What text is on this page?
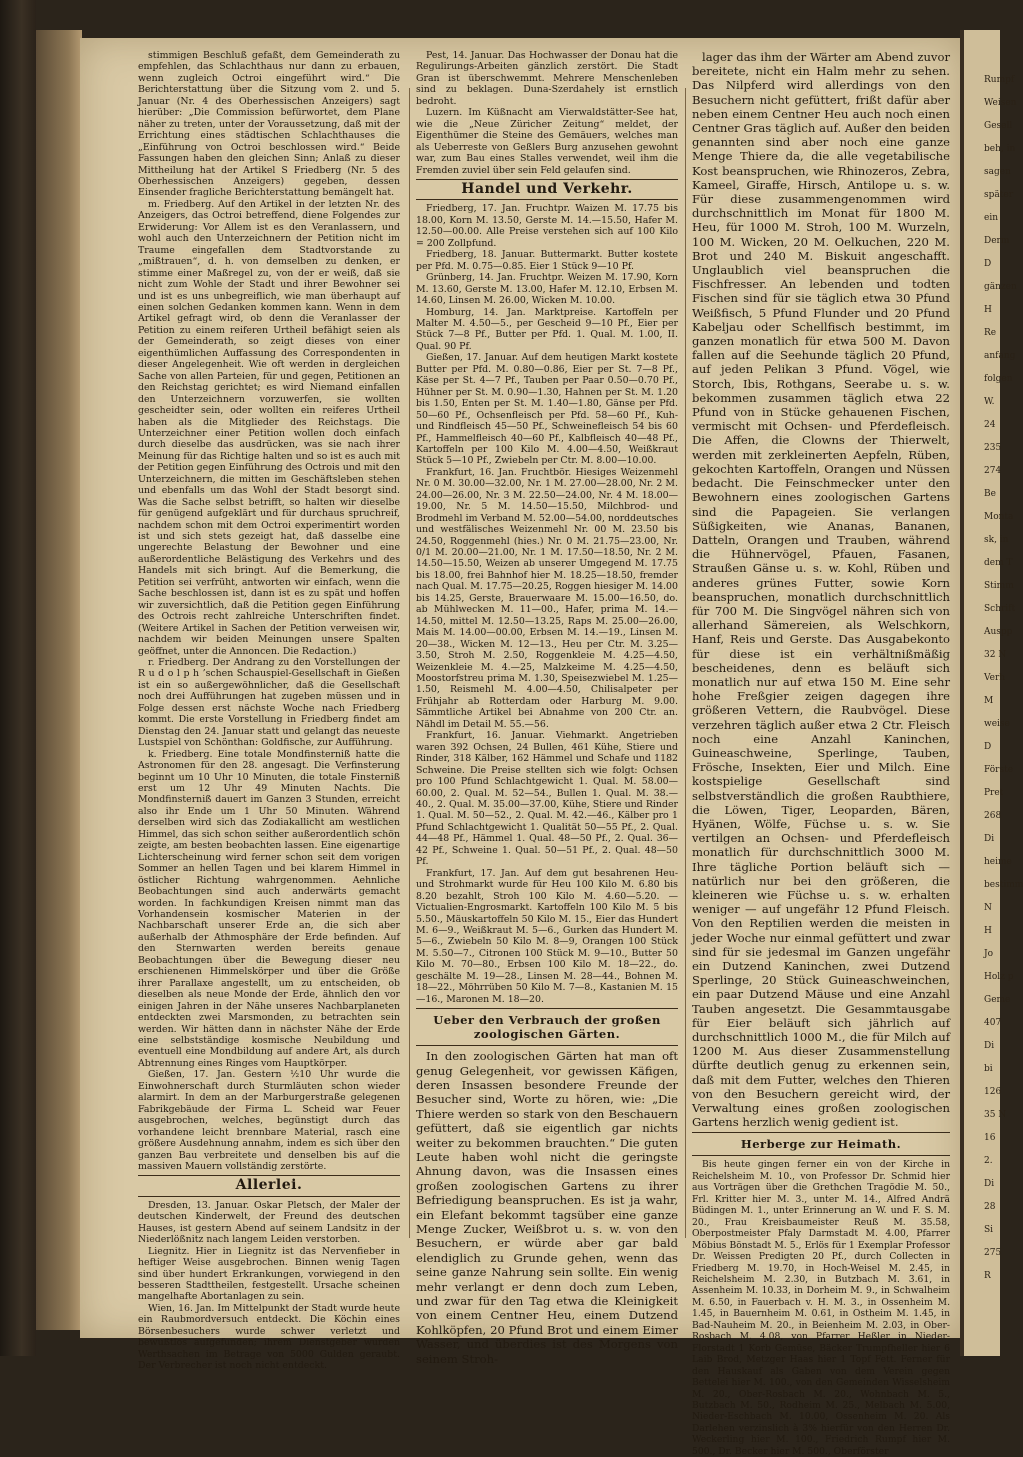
stimmigen Beschluß gefaßt, dem Gemeinderath zu empfehlen, das Schlachthaus nur dann zu erbauen, wenn zugleich Octroi eingeführt wird.“ Die Berichterstattung über die Sitzung vom 2. und 5. Januar (Nr. 4 des Oberhessischen Anzeigers) sagt hierüber: „Die Commission befürwortet, dem Plane näher zu treten, unter der Voraussetzung, daß mit der Errichtung eines städtischen Schlachthauses die „Einführung von Octroi beschlossen wird.“ Beide Fassungen haben den gleichen Sinn; Anlaß zu dieser Mittheilung hat der Artikel S Friedberg (Nr. 5 des Oberhessischen Anzeigers) gegeben, dessen Einsender fragliche Berichterstattung bemängelt hat.

m. Friedberg. Auf den Artikel in der letzten Nr. des Anzeigers, das Octroi betreffend, diene Folgendes zur Erwiderung: Vor Allem ist es den Veranlassern, und wohl auch den Unterzeichnern der Petition nicht im Traume eingefallen dem Stadtvorstande zu „mißtrauen“, d. h. von demselben zu denken, er stimme einer Maßregel zu, von der er weiß, daß sie nicht zum Wohle der Stadt und ihrer Bewohner sei und ist es uns unbegreiflich, wie man überhaupt auf einen solchen Gedanken kommen kann. Wenn in dem Artikel gefragt wird, ob denn die Veranlasser der Petition zu einem reiferen Urtheil befähigt seien als der Gemeinderath, so zeigt dieses von einer eigenthümlichen Auffassung des Correspondenten in dieser Angelegenheit. Wie oft werden in dergleichen Sache von allen Parteien, für und gegen, Petitionen an den Reichstag gerichtet; es wird Niemand einfallen den Unterzeichnern vorzuwerfen, sie wollten gescheidter sein, oder wollten ein reiferes Urtheil haben als die Mitglieder des Reichstags. Die Unterzeichner einer Petition wollen doch einfach durch dieselbe das ausdrücken, was sie nach ihrer Meinung für das Richtige halten und so ist es auch mit der Petition gegen Einführung des Octrois und mit den Unterzeichnern, die mitten im Geschäftsleben stehen und ebenfalls um das Wohl der Stadt besorgt sind. Was die Sache selbst betrifft, so halten wir dieselbe für genügend aufgeklärt und für durchaus spruchreif, nachdem schon mit dem Octroi experimentirt worden ist und sich stets gezeigt hat, daß dasselbe eine ungerechte Belastung der Bewohner und eine außerordentliche Belästigung des Verkehrs und des Handels mit sich bringt. Auf die Bemerkung, die Petition sei verfrüht, antworten wir einfach, wenn die Sache beschlossen ist, dann ist es zu spät und hoffen wir zuversichtlich, daß die Petition gegen Einführung des Octrois recht zahlreiche Unterschriften findet. (Weitere Artikel in Sachen der Petition verweisen wir, nachdem wir beiden Meinungen unsere Spalten geöffnet, unter die Annoncen. Die Redaction.)

r. Friedberg. Der Andrang zu den Vorstellungen der R u d o l p h ’schen Schauspiel-Gesellschaft in Gießen ist ein so außergewöhnlicher, daß die Gesellschaft noch drei Aufführungen hat zugeben müssen und in Folge dessen erst nächste Woche nach Friedberg kommt. Die erste Vorstellung in Friedberg findet am Dienstag den 24. Januar statt und gelangt das neueste Lustspiel von Schönthan: Goldfische, zur Aufführung.

k. Friedberg. Eine totale Mondfinsterniß hatte die Astronomen für den 28. angesagt. Die Verfinsterung beginnt um 10 Uhr 10 Minuten, die totale Finsterniß erst um 12 Uhr 49 Minuten Nachts. Die Mondfinsterniß dauert im Ganzen 3 Stunden, erreicht also ihr Ende um 1 Uhr 50 Minuten. Während derselben wird sich das Zodiakallicht am westlichen Himmel, das sich schon seither außerordentlich schön zeigte, am besten beobachten lassen. Eine eigenartige Lichterscheinung wird ferner schon seit dem vorigen Sommer an hellen Tagen und bei klarem Himmel in östlicher Richtung wahrgenommen. Aehnliche Beobachtungen sind auch anderwärts gemacht worden. In fachkundigen Kreisen nimmt man das Vorhandensein kosmischer Materien in der Nachbarschaft unserer Erde an, die sich aber außerhalb der Athmosphäre der Erde befinden. Auf den Sternwarten werden bereits genaue Beobachtungen über die Bewegung dieser neu erschienenen Himmelskörper und über die Größe ihrer Parallaxe angestellt, um zu entscheiden, ob dieselben als neue Monde der Erde, ähnlich den vor einigen Jahren in der Nähe unseres Nachbarplaneten entdeckten zwei Marsmonden, zu betrachten sein werden. Wir hätten dann in nächster Nähe der Erde eine selbstständige kosmische Neubildung und eventuell eine Mondbildung auf andere Art, als durch Abtrennung eines Ringes vom Hauptkörper.

Gießen, 17. Jan. Gestern ½10 Uhr wurde die Einwohnerschaft durch Sturmläuten schon wieder alarmirt. In dem an der Marburgerstraße gelegenen Fabrikgebäude der Firma L. Scheid war Feuer ausgebrochen, welches, begünstigt durch das vorhandene leicht brennbare Material, rasch eine größere Ausdehnung annahm, indem es sich über den ganzen Bau verbreitete und denselben bis auf die massiven Mauern vollständig zerstörte.

Allerlei.

Dresden, 13. Januar. Oskar Pletsch, der Maler der deutschen Kinderwelt, der Freund des deutschen Hauses, ist gestern Abend auf seinem Landsitz in der Niederlößnitz nach langem Leiden verstorben.

Liegnitz. Hier in Liegnitz ist das Nervenfieber in heftiger Weise ausgebrochen. Binnen wenig Tagen sind über hundert Erkrankungen, vorwiegend in den besseren Stadttheilen, festgestellt. Ursache scheinen mangelhafte Abortanlagen zu sein.

Wien, 16. Jan. Im Mittelpunkt der Stadt wurde heute ein Raubmordversuch entdeckt. Die Köchin eines Börsenbesuchers wurde schwer verletzt und bewußtlos aufgefunden; ihrem Dienstgeber wurden Werthsachen im Betrage von 5000 Gulden geraubt. Der Verbrecher ist noch nicht entdeckt.

Pest, 14. Januar. Das Hochwasser der Donau hat die Regulirungs-Arbeiten gänzlich zerstört. Die Stadt Gran ist überschwemmt. Mehrere Menschenleben sind zu beklagen. Duna-Szerdahely ist ernstlich bedroht.

Luzern. Im Küßnacht am Vierwaldstätter-See hat, wie die „Neue Züricher Zeitung“ meldet, der Eigenthümer die Steine des Gemäuers, welches man als Ueberreste von Geßlers Burg anzusehen gewohnt war, zum Bau eines Stalles verwendet, weil ihm die Fremden zuviel über sein Feld gelaufen sind.

Handel und Verkehr.

Friedberg, 17. Jan. Fruchtpr. Waizen M. 17.75 bis 18.00, Korn M. 13.50, Gerste M. 14.—15.50, Hafer M. 12.50—00.00. Alle Preise verstehen sich auf 100 Kilo = 200 Zollpfund.

Friedberg, 18. Januar. Buttermarkt. Butter kostete per Pfd. M. 0.75—0.85. Eier 1 Stück 9—10 Pf.

Grünberg, 14. Jan. Fruchtpr. Weizen M. 17.90, Korn M. 13.60, Gerste M. 13.00, Hafer M. 12.10, Erbsen M. 14.60, Linsen M. 26.00, Wicken M. 10.00.

Homburg, 14. Jan. Marktpreise. Kartoffeln per Malter M. 4.50—5., per Gescheid 9—10 Pf., Eier per Stück 7—8 Pf., Butter per Pfd. 1. Qual. M. 1.00, II. Qual. 90 Pf.

Gießen, 17. Januar. Auf dem heutigen Markt kostete Butter per Pfd. M. 0.80—0.86, Eier per St. 7—8 Pf., Käse per St. 4—7 Pf., Tauben per Paar 0.50—0.70 Pf., Hühner per St. M. 0.90—1.30, Hahnen per St. M. 1.20 bis 1.50, Enten per St. M. 1.40—1.80, Gänse per Pfd. 50—60 Pf., Ochsenfleisch per Pfd. 58—60 Pf., Kuh- und Rindfleisch 45—50 Pf., Schweinefleisch 54 bis 60 Pf., Hammelfleisch 40—60 Pf., Kalbfleisch 40—48 Pf., Kartoffeln per 100 Kilo M. 4.00—4.50, Weißkraut Stück 5—10 Pf., Zwiebeln per Ctr. M. 8.00—10.00.

Frankfurt, 16. Jan. Fruchtbör. Hiesiges Weizenmehl Nr. 0 M. 30.00—32.00, Nr. 1 M. 27.00—28.00, Nr. 2 M. 24.00—26.00, Nr. 3 M. 22.50—24.00, Nr. 4 M. 18.00—19.00, Nr. 5 M. 14.50—15.50, Milchbrod- und Brodmehl im Verband M. 52.00—54.00, norddeutsches und westfälisches Weizenmehl Nr. 00 M. 23.50 bis 24.50, Roggenmehl (hies.) Nr. 0 M. 21.75—23.00, Nr. 0/1 M. 20.00—21.00, Nr. 1 M. 17.50—18.50, Nr. 2 M. 14.50—15.50, Weizen ab unserer Umgegend M. 17.75 bis 18.00, frei Bahnhof hier M. 18.25—18.50, fremder nach Qual. M. 17.75—20.25, Roggen hiesiger M. 14.00 bis 14.25, Gerste, Brauerwaare M. 15.00—16.50, do. ab Mühlwecken M. 11—00., Hafer, prima M. 14.—14.50, mittel M. 12.50—13.25, Raps M. 25.00—26.00, Mais M. 14.00—00.00, Erbsen M. 14.—19., Linsen M. 20—38., Wicken M. 12—13., Heu per Ctr. M. 3.25—3.50, Stroh M. 2.50, Roggenkleie M. 4.25—4.50, Weizenkleie M. 4.—25, Malzkeime M. 4.25—4.50, Moostorfstreu prima M. 1.30, Speisezwiebel M. 1.25—1.50, Reismehl M. 4.00—4.50, Chilisalpeter per Frühjahr ab Rotterdam oder Harburg M. 9.00. Sämmtliche Artikel bei Abnahme von 200 Ctr. an. Nähdl im Detail M. 55.—56.

Frankfurt, 16. Januar. Viehmarkt. Angetrieben waren 392 Ochsen, 24 Bullen, 461 Kühe, Stiere und Rinder, 318 Kälber, 162 Hämmel und Schafe und 1182 Schweine. Die Preise stellten sich wie folgt: Ochsen pro 100 Pfund Schlachtgewicht 1. Qual. M. 58.00—60.00, 2. Qual. M. 52—54., Bullen 1. Qual. M. 38.—40., 2. Qual. M. 35.00—37.00, Kühe, Stiere und Rinder 1. Qual. M. 50—52., 2. Qual. M. 42.—46., Kälber pro 1 Pfund Schlachtgewicht 1. Qualität 50—55 Pf., 2. Qual. 44—48 Pf., Hämmel 1. Qual. 48—50 Pf., 2. Qual. 36—42 Pf., Schweine 1. Qual. 50—51 Pf., 2. Qual. 48—50 Pf.

Frankfurt, 17. Jan. Auf dem gut besahrenen Heu- und Strohmarkt wurde für Heu 100 Kilo M. 6.80 bis 8.20 bezahlt, Stroh 100 Kilo M. 4.60—5.20. — Victualien-Engrosmarkt. Kartoffeln 100 Kilo M. 5 bis 5.50., Mäuskartoffeln 50 Kilo M. 15., Eier das Hundert M. 6—9., Weißkraut M. 5—6., Gurken das Hundert M. 5—6., Zwiebeln 50 Kilo M. 8—9, Orangen 100 Stück M. 5.50—7., Citronen 100 Stück M. 9—10., Butter 50 Kilo M. 70—80., Erbsen 100 Kilo M. 18—22., do. geschälte M. 19—28., Linsen M. 28—44., Bohnen M. 18—22., Möhrrüben 50 Kilo M. 7—8., Kastanien M. 15—16., Maronen M. 18—20.

Ueber den Verbrauch der großen zoologischen Gärten.

In den zoologischen Gärten hat man oft genug Gelegenheit, vor gewissen Käfigen, deren Insassen besondere Freunde der Besucher sind, Worte zu hören, wie: „Die Thiere werden so stark von den Beschauern gefüttert, daß sie eigentlich gar nichts weiter zu bekommen brauchten.“ Die guten Leute haben wohl nicht die geringste Ahnung davon, was die Insassen eines großen zoologischen Gartens zu ihrer Befriedigung beanspruchen. Es ist ja wahr, ein Elefant bekommt tagsüber eine ganze Menge Zucker, Weißbrot u. s. w. von den Besuchern, er würde aber gar bald elendiglich zu Grunde gehen, wenn das seine ganze Nahrung sein sollte. Ein wenig mehr verlangt er denn doch zum Leben, und zwar für den Tag etwa die Kleinigkeit von einem Centner Heu, einem Dutzend Kohlköpfen, 20 Pfund Brot und einem Eimer Wasser, und überdies ist des Morgens von seinem Stroh-

lager das ihm der Wärter am Abend zuvor bereitete, nicht ein Halm mehr zu sehen. Das Nilpferd wird allerdings von den Besuchern nicht gefüttert, frißt dafür aber neben einem Centner Heu auch noch einen Centner Gras täglich auf. Außer den beiden genannten sind aber noch eine ganze Menge Thiere da, die alle vegetabilische Kost beanspruchen, wie Rhinozeros, Zebra, Kameel, Giraffe, Hirsch, Antilope u. s. w. Für diese zusammengenommen wird durchschnittlich im Monat für 1800 M. Heu, für 1000 M. Stroh, 100 M. Wurzeln, 100 M. Wicken, 20 M. Oelkuchen, 220 M. Brot und 240 M. Biskuit angeschafft. Unglaublich viel beanspruchen die Fischfresser. An lebenden und todten Fischen sind für sie täglich etwa 30 Pfund Weißfisch, 5 Pfund Flunder und 20 Pfund Kabeljau oder Schellfisch bestimmt, im ganzen monatlich für etwa 500 M. Davon fallen auf die Seehunde täglich 20 Pfund, auf jeden Pelikan 3 Pfund. Vögel, wie Storch, Ibis, Rothgans, Seerabe u. s. w. bekommen zusammen täglich etwa 22 Pfund von in Stücke gehauenen Fischen, vermischt mit Ochsen- und Pferdefleisch. Die Affen, die Clowns der Thierwelt, werden mit zerkleinerten Aepfeln, Rüben, gekochten Kartoffeln, Orangen und Nüssen bedacht. Die Feinschmecker unter den Bewohnern eines zoologischen Gartens sind die Papageien. Sie verlangen Süßigkeiten, wie Ananas, Bananen, Datteln, Orangen und Trauben, während die Hühnervögel, Pfauen, Fasanen, Straußen Gänse u. s. w. Kohl, Rüben und anderes grünes Futter, sowie Korn beanspruchen, monatlich durchschnittlich für 700 M. Die Singvögel nähren sich von allerhand Sämereien, als Welschkorn, Hanf, Reis und Gerste. Das Ausgabekonto für diese ist ein verhältnißmäßig bescheidenes, denn es beläuft sich monatlich nur auf etwa 150 M. Eine sehr hohe Freßgier zeigen dagegen ihre größeren Vettern, die Raubvögel. Diese verzehren täglich außer etwa 2 Ctr. Fleisch noch eine Anzahl Kaninchen, Guineaschweine, Sperlinge, Tauben, Frösche, Insekten, Eier und Milch. Eine kostspielige Gesellschaft sind selbstverständlich die großen Raubthiere, die Löwen, Tiger, Leoparden, Bären, Hyänen, Wölfe, Füchse u. s. w. Sie vertilgen an Ochsen- und Pferdefleisch monatlich für durchschnittlich 3000 M. Ihre tägliche Portion beläuft sich — natürlich nur bei den größeren, die kleineren wie Füchse u. s. w. erhalten weniger — auf ungefähr 12 Pfund Fleisch. Von den Reptilien werden die meisten in jeder Woche nur einmal gefüttert und zwar sind für sie jedesmal im Ganzen ungefähr ein Dutzend Kaninchen, zwei Dutzend Sperlinge, 20 Stück Guineaschweinchen, ein paar Dutzend Mäuse und eine Anzahl Tauben angesetzt. Die Gesammtausgabe für Eier beläuft sich jährlich auf durchschnittlich 1000 M., die für Milch auf 1200 M. Aus dieser Zusammenstellung dürfte deutlich genug zu erkennen sein, daß mit dem Futter, welches den Thieren von den Besuchern gereicht wird, der Verwaltung eines großen zoologischen Gartens herzlich wenig gedient ist.

Herberge zur Heimath.

Bis heute gingen ferner ein von der Kirche in Reichelsheim M. 10., von Professor Dr. Schmid hier aus Vorträgen über die Grethchen Tragödie M. 50., Frl. Kritter hier M. 3., unter M. 14., Alfred Andrä Büdingen M. 1., unter Erinnerung an W. und F. S. M. 20., Frau Kreisbaumeister Reuß M. 35.58, Oberpostmeister Pfaly Darmstadt M. 4.00, Pfarrer Möbius Bönstadt M. 5., Erlös für 1 Exemplar Professor Dr. Weissen Predigten 20 Pf., durch Collecten in Friedberg M. 19.70, in Hoch-Weisel M. 2.45, in Reichelsheim M. 2.30, in Butzbach M. 3.61, in Assenheim M. 10.33, in Dorheim M. 9., in Schwalheim M. 6.50, in Fauerbach v. H. M. 3., in Ossenheim M. 1.45, in Bauernheim M. 0.61, in Ostheim M. 1.45, in Bad-Nauheim M. 20., in Beienheim M. 2.03, in Ober-Rosbach M. 4.08, von Pfarrer Heßler in Nieder-Florstadt 1 Korb Gemüse, Bäcker Trumpfheller hier 6 Laib Brod, Metzger Haas hier 1 Topf Fett. Ferner für den Hauskauf als Gaben von dem Verein gegen Bettelei hier M. 100., von den Gemeinden Wisselsheim M. 20., Ober-Rosbach M. 20., Wohnbach M. 5., Butzbach M. 50., Rodheim M. 25., Melbach M. 5.00, Nieder-Eschbach M. 10.00, Ossenheim M. 20. Als Darlehen verzinslich à 3% hierfür von den Herren Dr. Weckerling hier M. 100., Friedrich Rumpf hier M. 500., Dr. Becker hier M. 500., Oberförster

Rumpf
Weisen
Gesell
beh, in
sagen
später
ein
Derm
D
gänzen
H
Re
anfang
folgen
W.
24
235
274
Be
Monta
sk, in
dem T
Stimm
Schrift
Auspp
32 N
Verh
M
weise
D
Förste
Pret
268
Di
heime
bestimm
N
H
Jo
Holz p
Geme
407
Di
bi
126
35 N
16
2.
Di
28
Si
275
R
